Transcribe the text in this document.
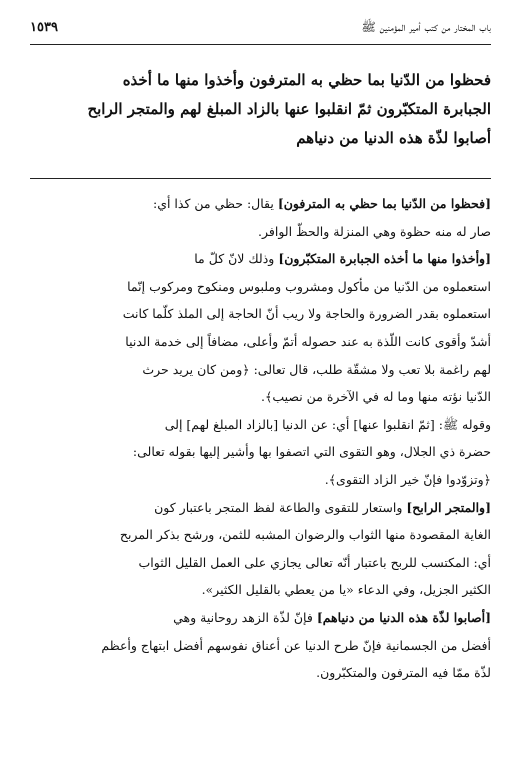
باب المختار من كتب أمير المؤمنين ﷺ
١٥٣٩
فحظوا من الدّنيا بما حظي به المترفون وأخذوا منها ما أخذه
الجبابرة المتكبّرون ثمّ انقلبوا عنها بالزاد المبلغ لهم والمتجر الرابح
أصابوا لذّة هذه الدنيا من دنياهم
[فحظوا من الدّنيا بما حظي به المترفون] يقال: حظي من كذا أي:
صار له منه حظوة وهي المنزلة والحظّ الوافر.
[وأخذوا منها ما أخذه الجبابرة المتكبّرون] وذلك لانّ كلّ ما
استعملوه من الدّنيا من مأكول ومشروب وملبوس ومنكوح ومركوب إنّما
استعملوه بقدر الضرورة والحاجة ولا ريب أنّ الحاجة إلى الملذ كلّما كانت
أشدّ وأقوى كانت اللّذة به عند حصوله أتمّ وأعلى، مضافاً إلى خدمة الدنيا
لهم راغمة بلا تعب ولا مشقّة طلب، قال تعالى: ﴿ومن كان يريد حرث
الدّنيا نؤته منها وما له في الآخرة من نصيب﴾.
وقوله ﷺ: [ثمّ انقلبوا عنها] أي: عن الدنيا [بالزاد المبلغ لهم] إلى
حضرة ذي الجلال، وهو التقوى التي اتصفوا بها وأشير إليها بقوله تعالى:
﴿وتزوّدوا فإنّ خير الزاد التقوى﴾.
[والمتجر الرابح] واستعار للتقوى والطاعة لفظ المتجر باعتبار كون
الغاية المقصودة منها الثواب والرضوان المشبه للثمن، ورشح بذكر المربح
أي: المكتسب للربح باعتبار أنّه تعالى يجازي على العمل القليل الثواب
الكثير الجزيل، وفي الدعاء «يا من يعطي بالقليل الكثير».
[أصابوا لذّة هذه الدنيا من دنياهم] فإنّ لذّة الزهد روحانية وهي
أفضل من الجسمانية فإنّ طرح الدنيا عن أعناق نفوسهم أفضل ابتهاج وأعظم
لذّة ممّا فيه المترفون والمتكبّرون.
